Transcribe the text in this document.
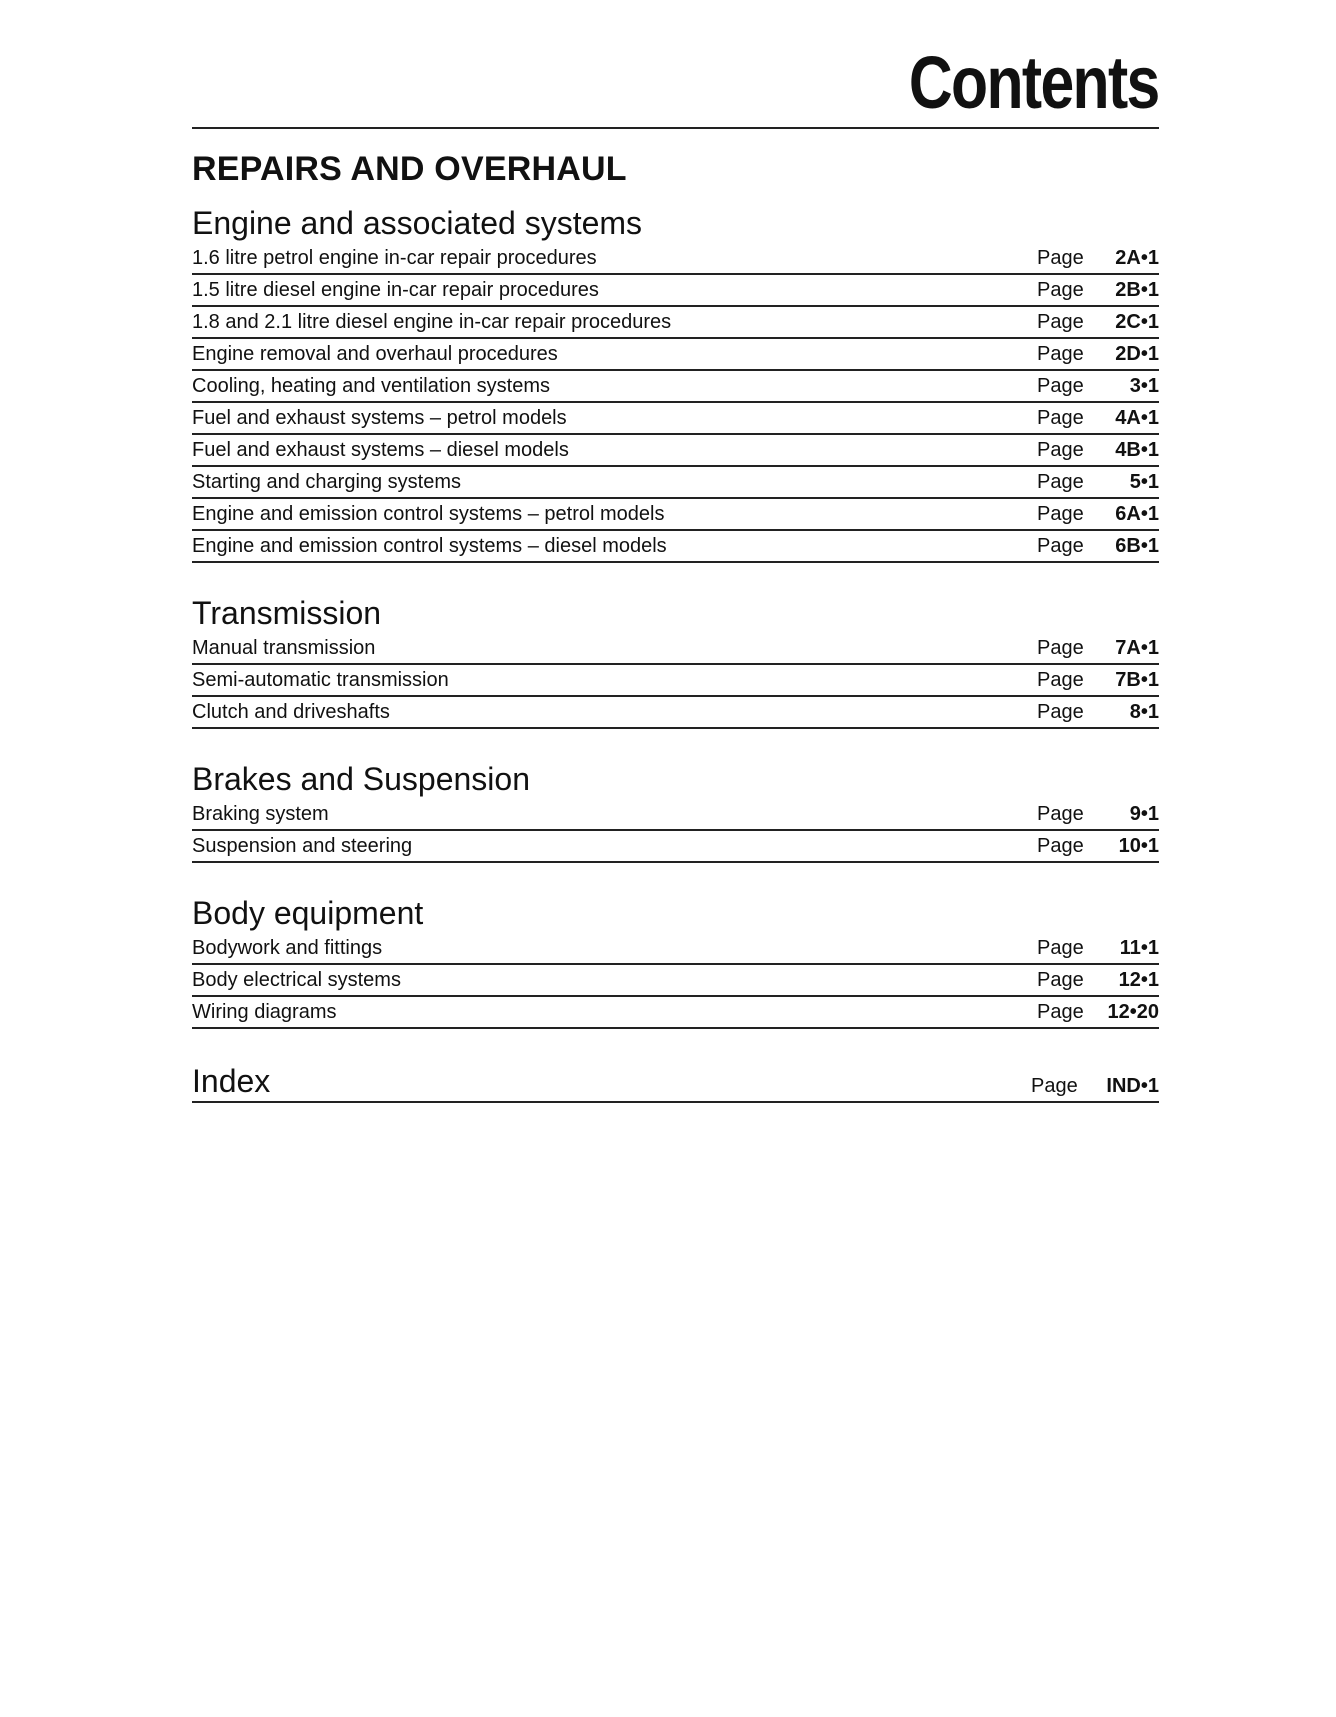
Contents
REPAIRS AND OVERHAUL
Engine and associated systems
1.6 litre petrol engine in-car repair procedures	Page	2A•1
1.5 litre diesel engine in-car repair procedures	Page	2B•1
1.8 and 2.1 litre diesel engine in-car repair procedures	Page	2C•1
Engine removal and overhaul procedures	Page	2D•1
Cooling, heating and ventilation systems	Page	3•1
Fuel and exhaust systems – petrol models	Page	4A•1
Fuel and exhaust systems – diesel models	Page	4B•1
Starting and charging systems	Page	5•1
Engine and emission control systems – petrol models	Page	6A•1
Engine and emission control systems – diesel models	Page	6B•1
Transmission
Manual transmission	Page	7A•1
Semi-automatic transmission	Page	7B•1
Clutch and driveshafts	Page	8•1
Brakes and Suspension
Braking system	Page	9•1
Suspension and steering	Page	10•1
Body equipment
Bodywork and fittings	Page	11•1
Body electrical systems	Page	12•1
Wiring diagrams	Page	12•20
Index	Page	IND•1
